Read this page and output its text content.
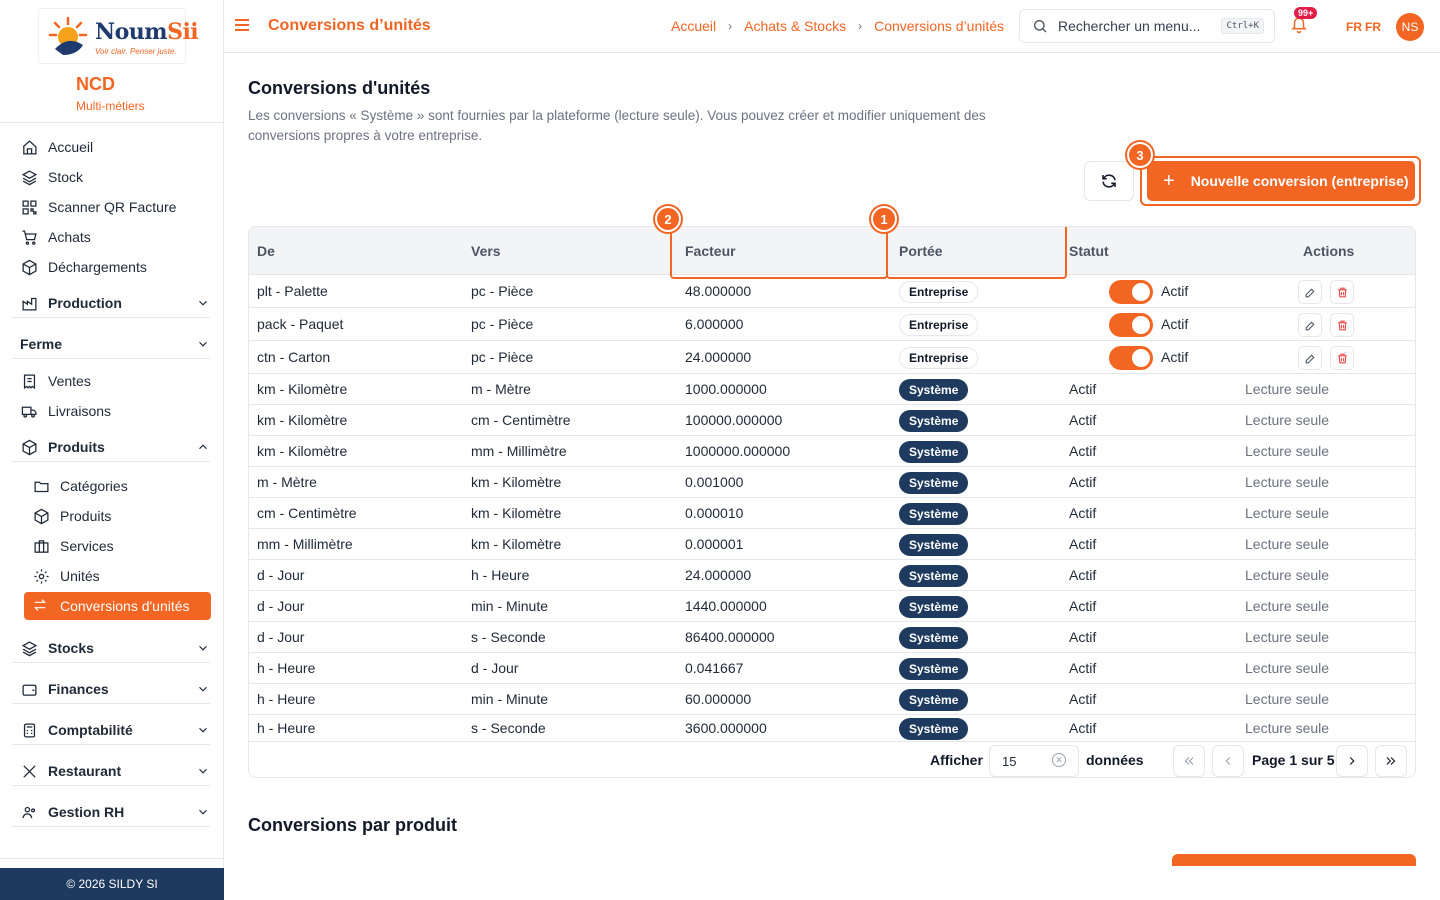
NoumSii
Voir clair. Penser juste.
NCD
Multi-métiers
Accueil
Stock
Scanner QR Facture
Achats
Déchargements
Production
Ferme
Ventes
Livraisons
Produits
Catégories
Produits
Services
Unités
Conversions d'unités
Stocks
Finances
Comptabilité
Restaurant
Gestion RH
© 2026 SILDY SI
Conversions d’unités	Accueil › Achats & Stocks › Conversions d’unités	Rechercher un menu...	Ctrl+K
99+
FR FR	NS
Conversions d'unités
Les conversions « Système » sont fournies par la plateforme (lecture seule). Vous pouvez créer et modifier uniquement des conversions propres à votre entreprise.
+ Nouvelle conversion (entreprise)
3
De	Vers	Facteur	Portée	Statut	Actions
plt - Palette	pc - Pièce	48.000000	Entreprise	Actif
pack - Paquet	pc - Pièce	6.000000	Entreprise	Actif
ctn - Carton	pc - Pièce	24.000000	Entreprise	Actif
km - Kilomètre	m - Mètre	1000.000000	Système	Actif	Lecture seule
km - Kilomètre	cm - Centimètre	100000.000000	Système	Actif	Lecture seule
km - Kilomètre	mm - Millimètre	1000000.000000	Système	Actif	Lecture seule
m - Mètre	km - Kilomètre	0.001000	Système	Actif	Lecture seule
cm - Centimètre	km - Kilomètre	0.000010	Système	Actif	Lecture seule
mm - Millimètre	km - Kilomètre	0.000001	Système	Actif	Lecture seule
d - Jour	h - Heure	24.000000	Système	Actif	Lecture seule
d - Jour	min - Minute	1440.000000	Système	Actif	Lecture seule
d - Jour	s - Seconde	86400.000000	Système	Actif	Lecture seule
h - Heure	d - Jour	0.041667	Système	Actif	Lecture seule
h - Heure	min - Minute	60.000000	Système	Actif	Lecture seule
h - Heure	s - Seconde	3600.000000	Système	Actif	Lecture seule
Afficher 15	✕ données	Page 1 sur 5
2	1
Conversions par produit
